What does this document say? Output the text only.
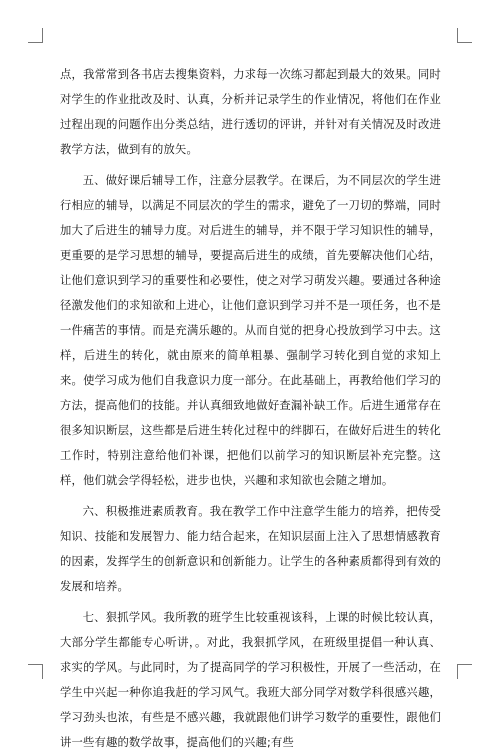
点，我常常到各书店去搜集资料，力求每一次练习都起到最大的效果。同时对学生的作业批改及时、认真，分析并记录学生的作业情况，将他们在作业过程出现的问题作出分类总结，进行透切的评讲，并针对有关情况及时改进教学方法，做到有的放矢。

五、做好课后辅导工作，注意分层教学。在课后，为不同层次的学生进行相应的辅导，以满足不同层次的学生的需求，避免了一刀切的弊端，同时加大了后进生的辅导力度。对后进生的辅导，并不限于学习知识性的辅导，更重要的是学习思想的辅导，要提高后进生的成绩，首先要解决他们心结，让他们意识到学习的重要性和必要性，使之对学习萌发兴趣。要通过各种途径激发他们的求知欲和上进心，让他们意识到学习并不是一项任务，也不是一件痛苦的事情。而是充满乐趣的。从而自觉的把身心投放到学习中去。这样，后进生的转化，就由原来的简单粗暴、强制学习转化到自觉的求知上来。使学习成为他们自我意识力度一部分。在此基础上，再教给他们学习的方法，提高他们的技能。并认真细致地做好查漏补缺工作。后进生通常存在很多知识断层，这些都是后进生转化过程中的绊脚石，在做好后进生的转化工作时，特别注意给他们补课，把他们以前学习的知识断层补充完整。这样，他们就会学得轻松，进步也快，兴趣和求知欲也会随之增加。

六、积极推进素质教育。我在教学工作中注意学生能力的培养，把传受知识、技能和发展智力、能力结合起来，在知识层面上注入了思想情感教育的因素，发挥学生的创新意识和创新能力。让学生的各种素质都得到有效的发展和培养。

七、狠抓学风。我所教的班学生比较重视该科，上课的时候比较认真，大部分学生都能专心听讲，。对此，我狠抓学风，在班级里提倡一种认真、求实的学风。与此同时，为了提高同学的学习积极性，开展了一些活动，在学生中兴起一种你追我赶的学习风气。我班大部分同学对数学科很感兴趣，学习劲头也浓，有些是不感兴趣，我就跟他们讲学习数学的重要性，跟他们讲一些有趣的数学故事，提高他们的兴趣;有些
